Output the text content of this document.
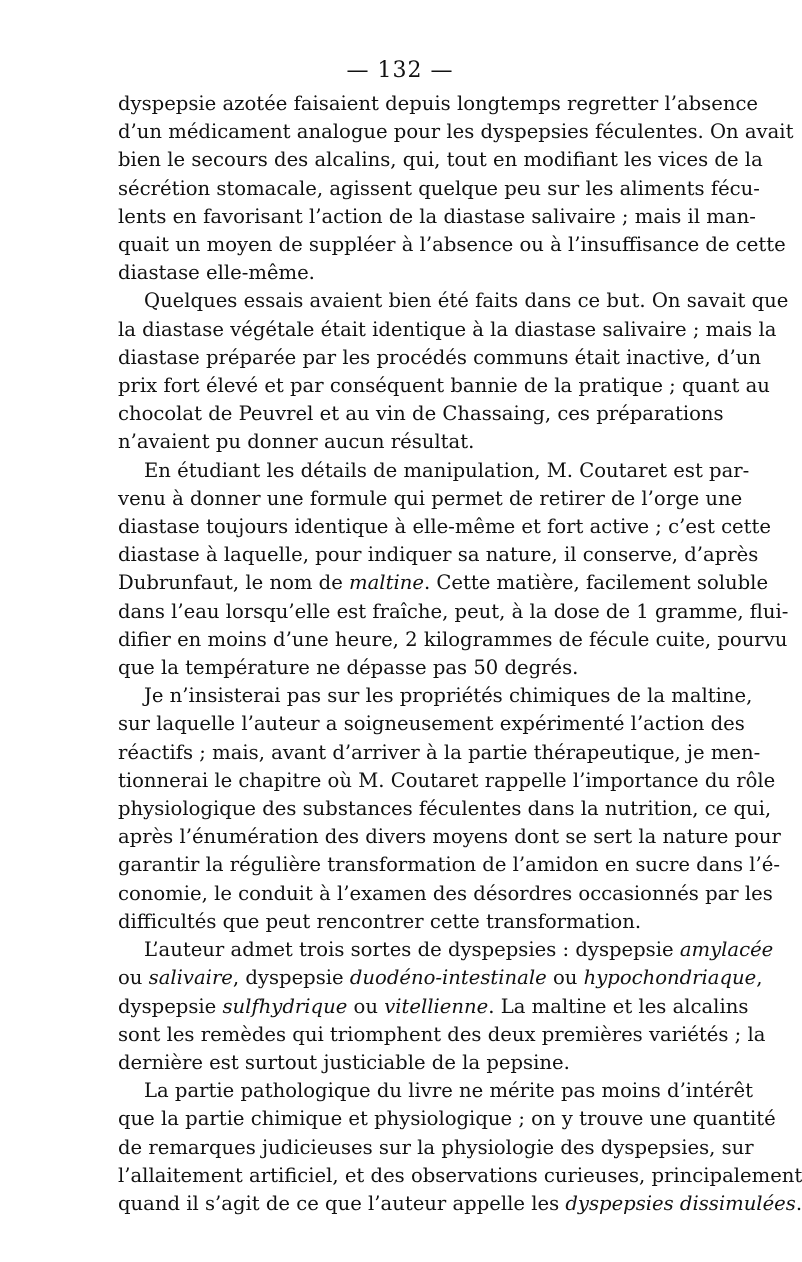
— 132 —

dyspepsie azotée faisaient depuis longtemps regretter l’absence
d’un médicament analogue pour les dyspepsies féculentes. On avait
bien le secours des alcalins, qui, tout en modifiant les vices de la
sécrétion stomacale, agissent quelque peu sur les aliments fécu-
lents en favorisant l’action de la diastase salivaire ; mais il man-
quait un moyen de suppléer à l’absence ou à l’insuffisance de cette
diastase elle-même.

Quelques essais avaient bien été faits dans ce but. On savait que
la diastase végétale était identique à la diastase salivaire ; mais la
diastase préparée par les procédés communs était inactive, d’un
prix fort élevé et par conséquent bannie de la pratique ; quant au
chocolat de Peuvrel et au vin de Chassaing, ces préparations
n’avaient pu donner aucun résultat.

En étudiant les détails de manipulation, M. Coutaret est par-
venu à donner une formule qui permet de retirer de l’orge une
diastase toujours identique à elle-même et fort active ; c’est cette
diastase à laquelle, pour indiquer sa nature, il conserve, d’après
Dubrunfaut, le nom de maltine. Cette matière, facilement soluble
dans l’eau lorsqu’elle est fraîche, peut, à la dose de 1 gramme, flui-
difier en moins d’une heure, 2 kilogrammes de fécule cuite, pourvu
que la température ne dépasse pas 50 degrés.

Je n’insisterai pas sur les propriétés chimiques de la maltine,
sur laquelle l’auteur a soigneusement expérimenté l’action des
réactifs ; mais, avant d’arriver à la partie thérapeutique, je men-
tionnerai le chapitre où M. Coutaret rappelle l’importance du rôle
physiologique des substances féculentes dans la nutrition, ce qui,
après l’énumération des divers moyens dont se sert la nature pour
garantir la régulière transformation de l’amidon en sucre dans l’é-
conomie, le conduit à l’examen des désordres occasionnés par les
difficultés que peut rencontrer cette transformation.

L’auteur admet trois sortes de dyspepsies : dyspepsie amylacée
ou salivaire, dyspepsie duodéno-intestinale ou hypochondriaque,
dyspepsie sulfhydrique ou vitellienne. La maltine et les alcalins
sont les remèdes qui triomphent des deux premières variétés ; la
dernière est surtout justiciable de la pepsine.

La partie pathologique du livre ne mérite pas moins d’intérêt
que la partie chimique et physiologique ; on y trouve une quantité
de remarques judicieuses sur la physiologie des dyspepsies, sur
l’allaitement artificiel, et des observations curieuses, principalement
quand il s’agit de ce que l’auteur appelle les dyspepsies dissimulées.
